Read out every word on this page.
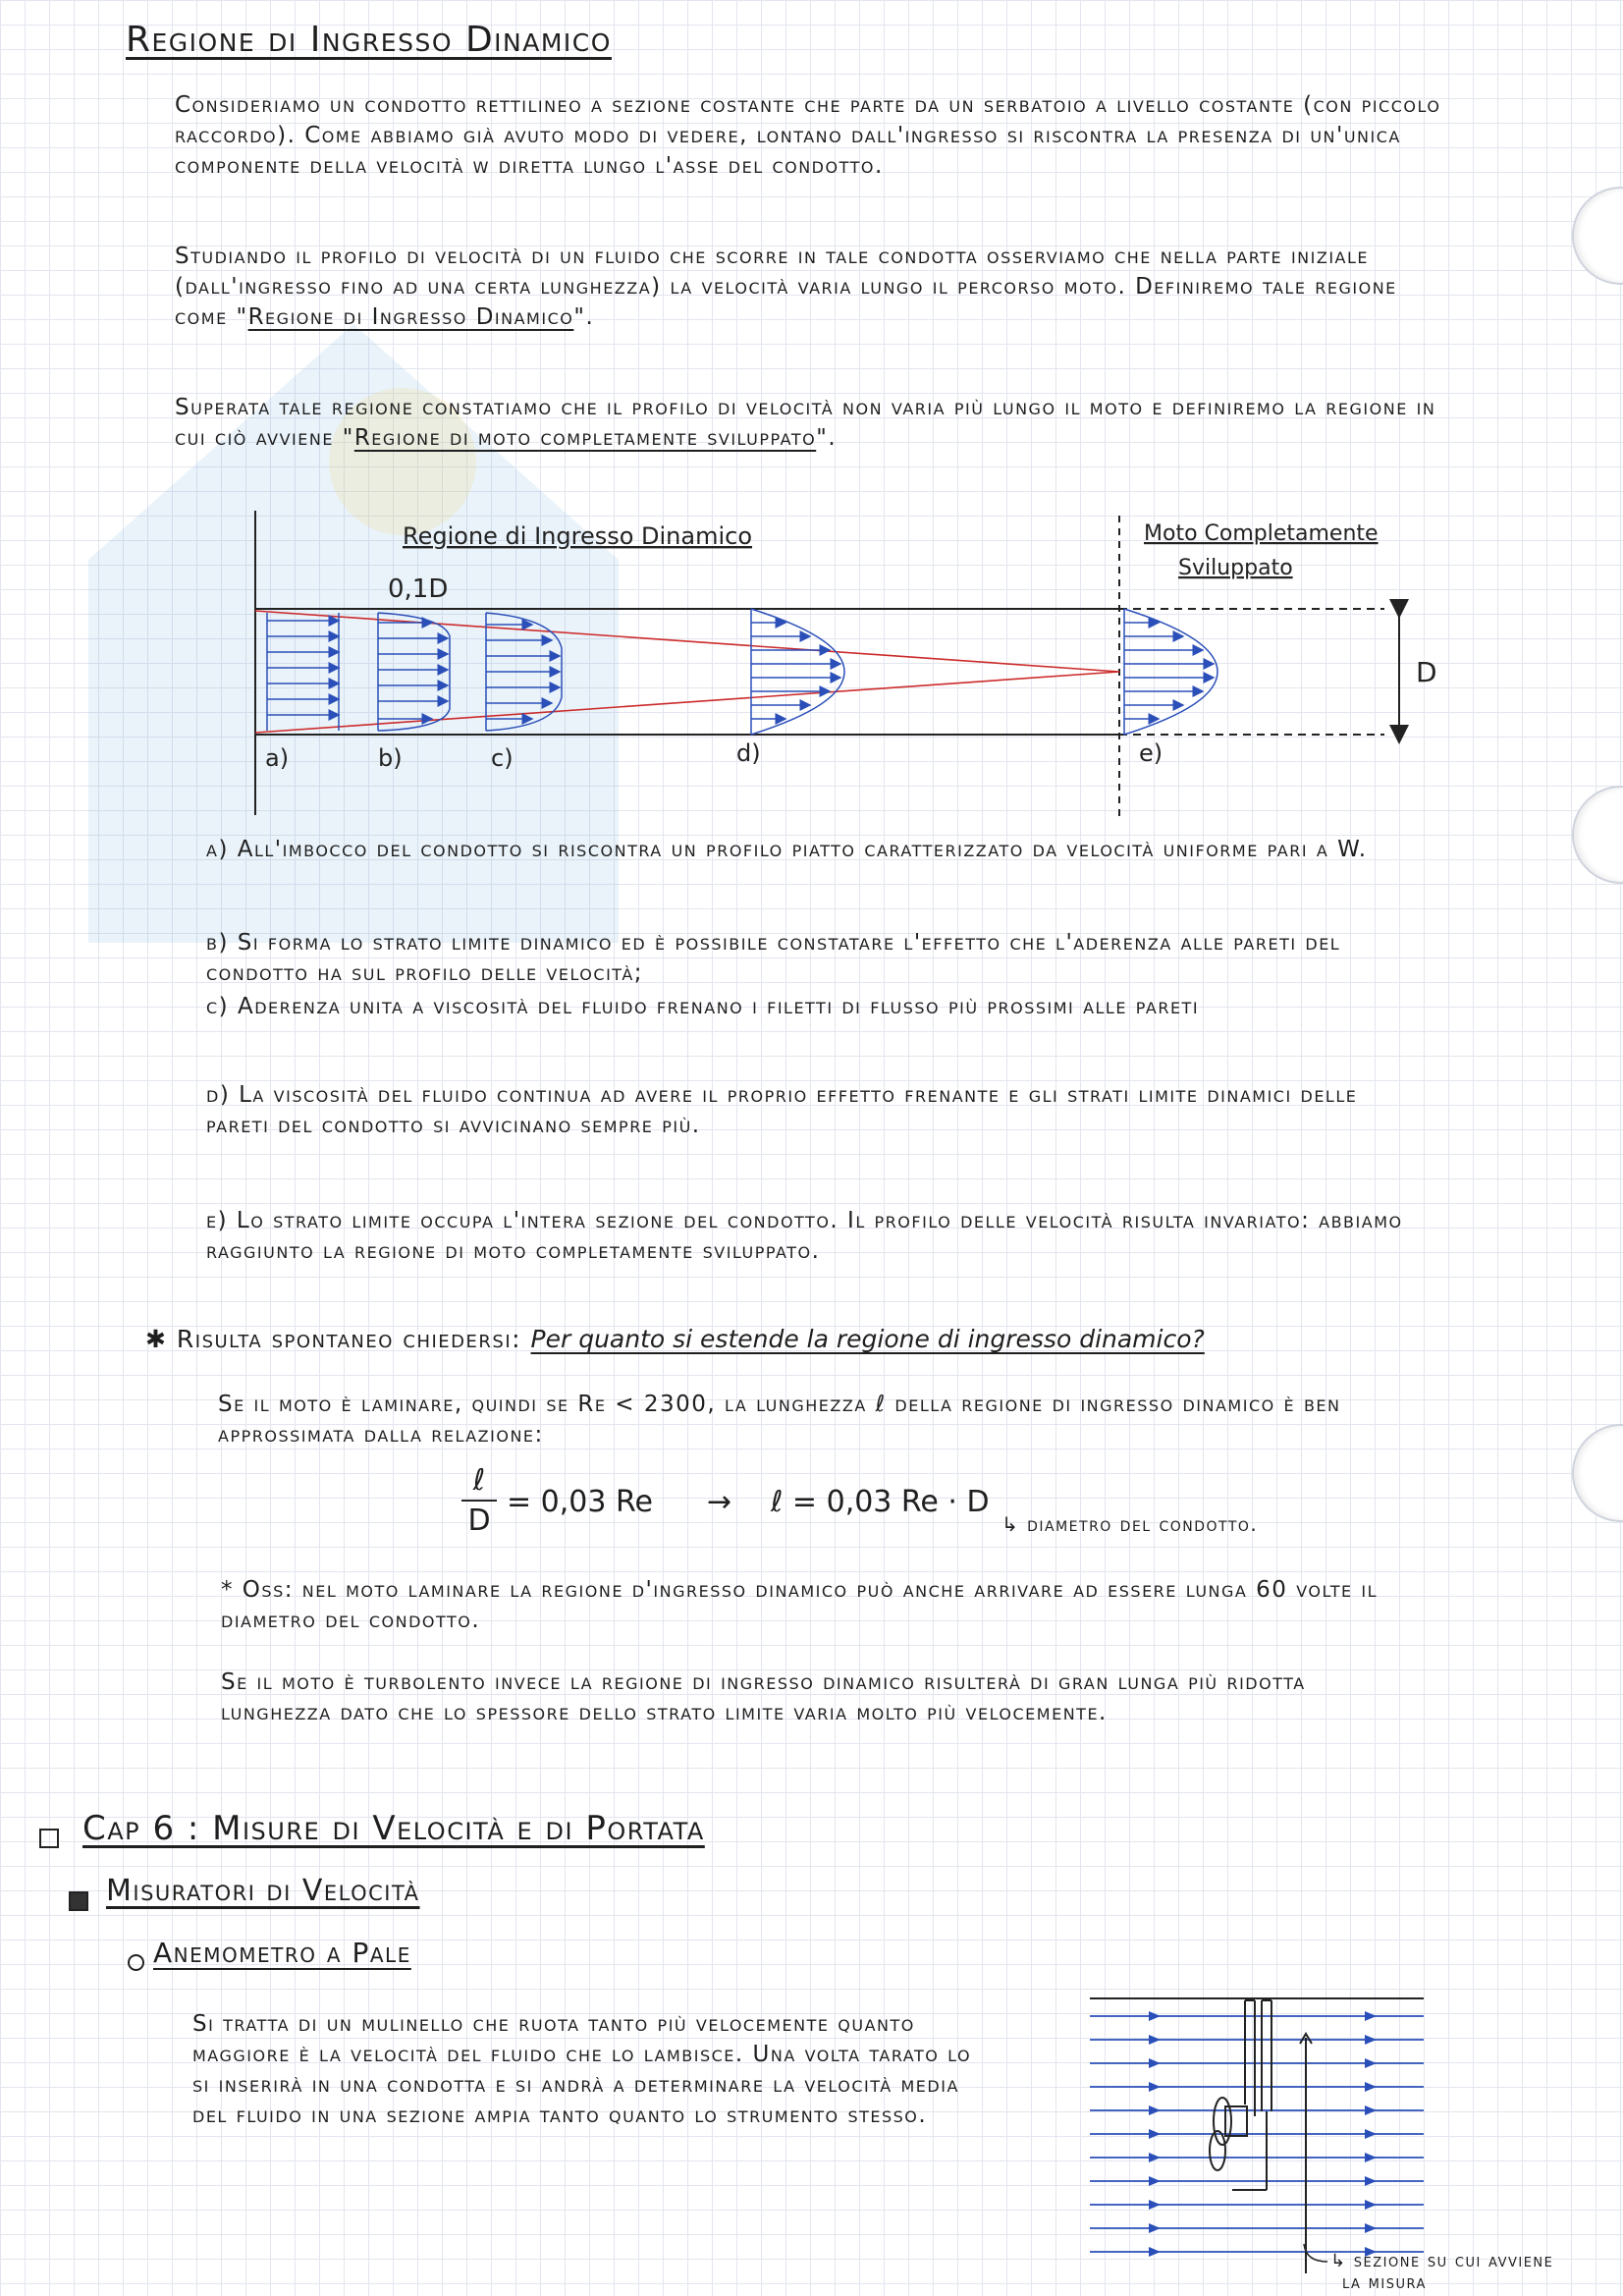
Regione di Ingresso Dinamico
Consideriamo un condotto rettilineo a sezione costante che parte da un serbatoio a livello costante (con piccolo raccordo). Come abbiamo già avuto modo di vedere, lontano dall'ingresso si riscontra la presenza di un'unica componente della velocità w diretta lungo l'asse del condotto.
Studiando il profilo di velocità di un fluido che scorre in tale condotta osserviamo che nella parte iniziale (dall'ingresso fino ad una certa lunghezza) la velocità varia lungo il percorso moto. Definiremo tale regione come "Regione di Ingresso Dinamico".
Superata tale regione constatiamo che il profilo di velocità non varia più lungo il moto e definiremo la regione in cui ciò avviene "Regione di moto completamente sviluppato".
D
Regione di Ingresso Dinamico	Moto Completamente
Sviluppato
0,1D
a)	b)	c)	d)	e)
a) All'imbocco del condotto si riscontra un profilo piatto caratterizzato da velocità uniforme pari a W.
b) Si forma lo strato limite dinamico ed è possibile constatare l'effetto che l'aderenza alle pareti del condotto ha sul profilo delle velocità;
c) Aderenza unita a viscosità del fluido frenano i filetti di flusso più prossimi alle pareti
d) La viscosità del fluido continua ad avere il proprio effetto frenante e gli strati limite dinamici delle pareti del condotto si avvicinano sempre più.
e) Lo strato limite occupa l'intera sezione del condotto. Il profilo delle velocità risulta invariato: abbiamo raggiunto la regione di moto completamente sviluppato.
✱ Risulta spontaneo chiedersi: Per quanto si estende la regione di ingresso dinamico?
Se il moto è laminare, quindi se Re < 2300, la lunghezza ℓ della regione di ingresso dinamico è ben approssimata dalla relazione:
ℓ
D
= 0,03 Re → ℓ = 0,03 Re · D
↳ diametro del condotto.
* Oss: nel moto laminare la regione d'ingresso dinamico può anche arrivare ad essere lunga 60 volte il diametro del condotto.
Se il moto è turbolento invece la regione di ingresso dinamico risulterà di gran lunga più ridotta lunghezza dato che lo spessore dello strato limite varia molto più velocemente.
Cap 6 : Misure di Velocità e di Portata
Misuratori di Velocità
Anemometro a Pale
Si tratta di un mulinello che ruota tanto più velocemente quanto maggiore è la velocità del fluido che lo lambisce. Una volta tarato lo si inserirà in una condotta e si andrà a determinare la velocità media del fluido in una sezione ampia tanto quanto lo strumento stesso.
↳ sezione su cui avviene
la misura
